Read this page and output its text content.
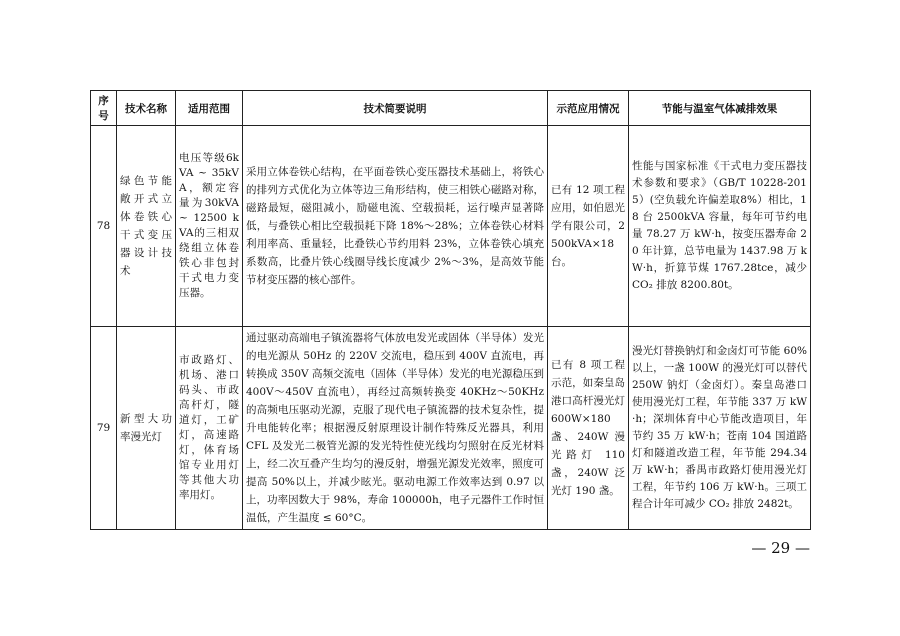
序号	技术名称	适用范围	技术简要说明	示范应用情况	节能与温室气体减排效果
78	绿色节能敞开式立体卷铁心干式变压器设计技术	电压等级6kVA ~ 35kVA，额定容量为30kVA ~ 12500 kVA的三相双绕组立体卷铁心非包封干式电力变压器。	采用立体卷铁心结构，在平面卷铁心变压器技术基础上，将铁心的排列方式优化为立体等边三角形结构，使三相铁心磁路对称，磁路最短，磁阻减小，励磁电流、空载损耗，运行噪声显著降低，与叠铁心相比空载损耗下降 18%～28%；立体卷铁心材料利用率高、重量轻，比叠铁心节约用料 23%，立体卷铁心填充系数高，比叠片铁心线圈导线长度减少 2%～3%，是高效节能节材变压器的核心部件。	已有 12 项工程应用，如伯恩光学有限公司，2500kVA×18 台。	性能与国家标准《干式电力变压器技术参数和要求》（GB/T 10228-2015）(空负载允许偏差取8%）相比，18 台 2500kVA 容量，每年可节约电量 78.27 万 kW·h，按变压器寿命 20 年计算，总节电量为 1437.98 万 kW·h，折算节煤 1767.28tce，减少 CO₂ 排放 8200.80t。
79	新型大功率漫光灯	市政路灯、机场、港口码头、市政高杆灯，隧道灯，工矿灯，高速路灯，体育场馆专业用灯等其他大功率用灯。	通过驱动高端电子镇流器将气体放电发光或固体（半导体）发光的电光源从 50Hz 的 220V 交流电，稳压到 400V 直流电，再转换成 350V 高频交流电（固体（半导体）发光的电光源稳压到 400V～450V 直流电），再经过高频转换变 40KHz～50KHz 的高频电压驱动光源，克服了现代电子镇流器的技术复杂性，提升电能转化率；根据漫反射原理设计制作特殊反光器具，利用 CFL 及发光二极管光源的发光特性使光线均匀照射在反光材料上，经二次互叠产生均匀的漫反射，增强光源发光效率，照度可提高 50%以上，并减少眩光。驱动电源工作效率达到 0.97 以上，功率因数大于 98%，寿命 100000h，电子元器件工作时恒温低，产生温度 ≤ 60°C。	已有 8 项工程示范，如秦皇岛港口高杆漫光灯 600W×180 盏、240W 漫光路灯 110 盏，240W 泛光灯 190 盏。	漫光灯替换钠灯和金卤灯可节能 60%以上，一盏 100W 的漫光灯可以替代 250W 钠灯（金卤灯）。秦皇岛港口使用漫光灯工程，年节能 337 万 kW·h；深圳体育中心节能改造项目，年节约 35 万 kW·h；苍南 104 国道路灯和隧道改造工程，年节能 294.34 万 kW·h；番禺市政路灯使用漫光灯工程，年节约 106 万 kW·h。三项工程合计年可减少 CO₂ 排放 2482t。
— 29 —
